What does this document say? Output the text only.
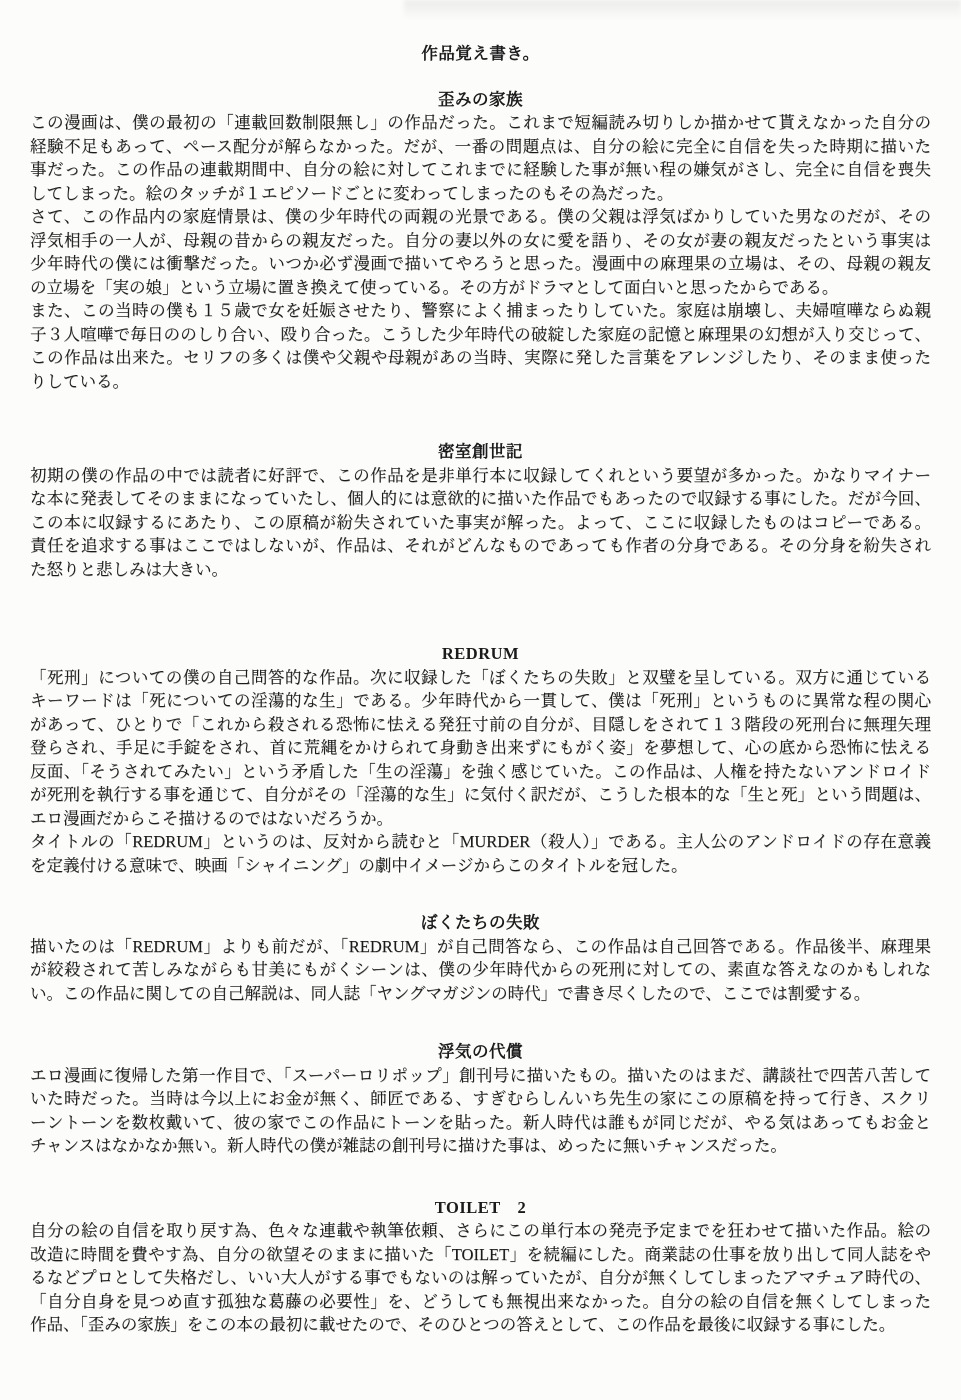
作品覚え書き。
歪みの家族

この漫画は、僕の最初の「連載回数制限無し」の作品だった。これまで短編読み切りしか描かせて貰えなかった自分の
経験不足もあって、ペース配分が解らなかった。だが、一番の問題点は、自分の絵に完全に自信を失った時期に描いた
事だった。この作品の連載期間中、自分の絵に対してこれまでに経験した事が無い程の嫌気がさし、完全に自信を喪失
してしまった。絵のタッチが１エピソードごとに変わってしまったのもその為だった。

さて、この作品内の家庭情景は、僕の少年時代の両親の光景である。僕の父親は浮気ばかりしていた男なのだが、その
浮気相手の一人が、母親の昔からの親友だった。自分の妻以外の女に愛を語り、その女が妻の親友だったという事実は
少年時代の僕には衝撃だった。いつか必ず漫画で描いてやろうと思った。漫画中の麻理果の立場は、その、母親の親友
の立場を「実の娘」という立場に置き換えて使っている。その方がドラマとして面白いと思ったからである。

また、この当時の僕も１５歳で女を妊娠させたり、警察によく捕まったりしていた。家庭は崩壊し、夫婦喧嘩ならぬ親
子３人喧嘩で毎日ののしり合い、殴り合った。こうした少年時代の破綻した家庭の記憶と麻理果の幻想が入り交じって、
この作品は出来た。セリフの多くは僕や父親や母親があの当時、実際に発した言葉をアレンジしたり、そのまま使った
りしている。

密室創世記

初期の僕の作品の中では読者に好評で、この作品を是非単行本に収録してくれという要望が多かった。かなりマイナー
な本に発表してそのままになっていたし、個人的には意欲的に描いた作品でもあったので収録する事にした。だが今回、
この本に収録するにあたり、この原稿が紛失されていた事実が解った。よって、ここに収録したものはコピーである。
責任を追求する事はここではしないが、作品は、それがどんなものであっても作者の分身である。その分身を紛失され
た怒りと悲しみは大きい。

REDRUM

「死刑」についての僕の自己問答的な作品。次に収録した「ぼくたちの失敗」と双璧を呈している。双方に通じている
キーワードは「死についての淫蕩的な生」である。少年時代から一貫して、僕は「死刑」というものに異常な程の関心
があって、ひとりで「これから殺される恐怖に怯える発狂寸前の自分が、目隠しをされて１３階段の死刑台に無理矢理
登らされ、手足に手錠をされ、首に荒縄をかけられて身動き出来ずにもがく姿」を夢想して、心の底から恐怖に怯える
反面、「そうされてみたい」という矛盾した「生の淫蕩」を強く感じていた。この作品は、人権を持たないアンドロイド
が死刑を執行する事を通じて、自分がその「淫蕩的な生」に気付く訳だが、こうした根本的な「生と死」という問題は、
エロ漫画だからこそ描けるのではないだろうか。

タイトルの「REDRUM」というのは、反対から読むと「MURDER（殺人）」である。主人公のアンドロイドの存在意義
を定義付ける意味で、映画「シャイニング」の劇中イメージからこのタイトルを冠した。

ぼくたちの失敗

描いたのは「REDRUM」よりも前だが、「REDRUM」が自己問答なら、この作品は自己回答である。作品後半、麻理果
が絞殺されて苦しみながらも甘美にもがくシーンは、僕の少年時代からの死刑に対しての、素直な答えなのかもしれな
い。この作品に関しての自己解説は、同人誌「ヤングマガジンの時代」で書き尽くしたので、ここでは割愛する。

浮気の代償

エロ漫画に復帰した第一作目で、「スーパーロリポップ」創刊号に描いたもの。描いたのはまだ、講談社で四苦八苦して
いた時だった。当時は今以上にお金が無く、師匠である、すぎむらしんいち先生の家にこの原稿を持って行き、スクリ
ーントーンを数枚戴いて、彼の家でこの作品にトーンを貼った。新人時代は誰もが同じだが、やる気はあってもお金と
チャンスはなかなか無い。新人時代の僕が雑誌の創刊号に描けた事は、めったに無いチャンスだった。

TOILET　2

自分の絵の自信を取り戻す為、色々な連載や執筆依頼、さらにこの単行本の発売予定までを狂わせて描いた作品。絵の
改造に時間を費やす為、自分の欲望そのままに描いた「TOILET」を続編にした。商業誌の仕事を放り出して同人誌をや
るなどプロとして失格だし、いい大人がする事でもないのは解っていたが、自分が無くしてしまったアマチュア時代の、
「自分自身を見つめ直す孤独な葛藤の必要性」を、どうしても無視出来なかった。自分の絵の自信を無くしてしまった
作品、「歪みの家族」をこの本の最初に載せたので、そのひとつの答えとして、この作品を最後に収録する事にした。
